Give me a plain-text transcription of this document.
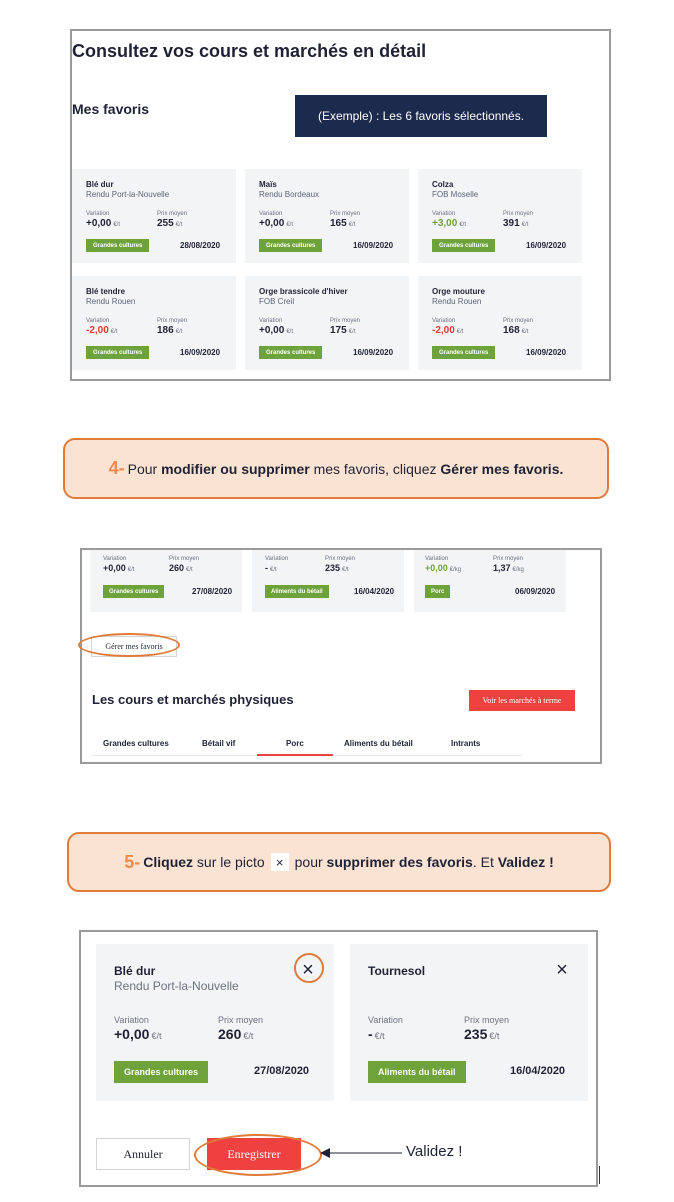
Consultez vos cours et marchés en détail
Mes favoris	(Exemple) : Les 6 favoris sélectionnés.
Blé dur
Rendu Port-la-Nouvelle
Variation	Prix moyen
+0,00 €/t	255 €/t
Grandes cultures	28/08/2020
Maïs
Rendu Bordeaux
Variation	Prix moyen
+0,00 €/t	165 €/t
Grandes cultures	16/09/2020
Colza
FOB Moselle
Variation	Prix moyen
+3,00 €/t	391 €/t
Grandes cultures	16/09/2020
Blé tendre
Rendu Rouen
Variation	Prix moyen
-2,00 €/t	186 €/t
Grandes cultures	16/09/2020
Orge brassicole d'hiver
FOB Creil
Variation	Prix moyen
+0,00 €/t	175 €/t
Grandes cultures	16/09/2020
Orge mouture
Rendu Rouen
Variation	Prix moyen
-2,00 €/t	168 €/t
Grandes cultures	16/09/2020
4- Pour modifier ou supprimer mes favoris, cliquez Gérer mes favoris.
Variation	Prix moyen
+0,00 €/t	260 €/t
Grandes cultures	27/08/2020
Variation	Prix moyen
- €/t	235 €/t
Aliments du bétail	16/04/2020
Variation	Prix moyen
+0,00 €/kg	1,37 €/kg
Porc	06/09/2020
Gérer mes favoris
Les cours et marchés physiques	Voir les marchés à terme
Grandes cultures	Bétail vif	Porc	Aliments du bétail	Intrants
5- Cliquez sur le picto × pour supprimer des favoris . Et Validez !
Blé dur
Rendu Port-la-Nouvelle
Variation	Prix moyen
+0,00 €/t	260 €/t
Grandes cultures	27/08/2020
×	Tournesol
Variation	Prix moyen
- €/t	235 €/t
Aliments du bétail	16/04/2020
×
Annuler	Enregistrer	Validez !
